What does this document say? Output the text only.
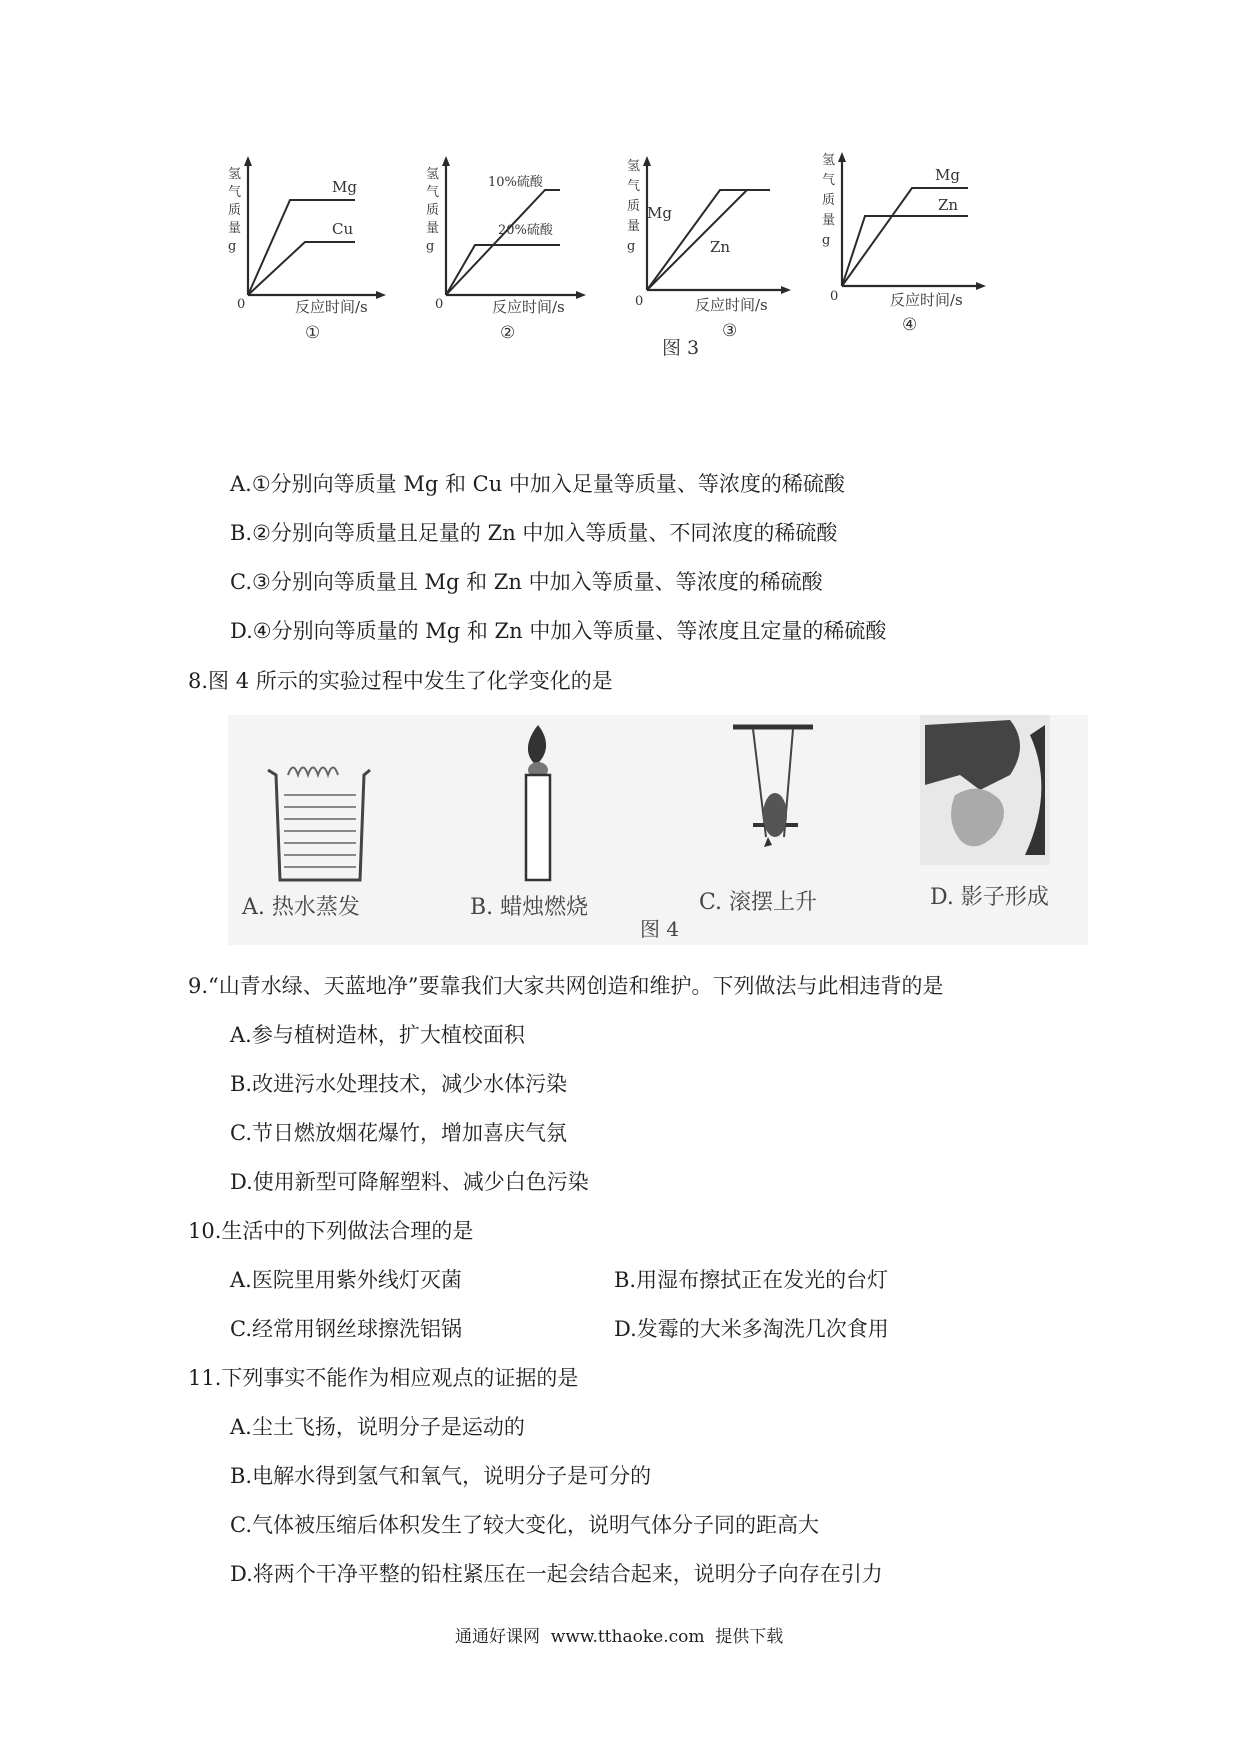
氢
气
质
量
g
0
Mg
Cu
反应时间/s
①
氢
气
质
量
g
0
10%硫酸
20%硫酸
反应时间/s
②
氢
气
质
量
g
0
Mg
Zn
反应时间/s
③
氢
气
质
量
g
0
Mg
Zn
反应时间/s
④
图 3
A.①分别向等质量 Mg 和 Cu 中加入足量等质量、等浓度的稀硫酸
B.②分别向等质量且足量的 Zn 中加入等质量、不同浓度的稀硫酸
C.③分别向等质量且 Mg 和 Zn 中加入等质量、等浓度的稀硫酸
D.④分别向等质量的 Mg 和 Zn 中加入等质量、等浓度且定量的稀硫酸
8.图 4 所示的实验过程中发生了化学变化的是
A. 热水蒸发	B. 蜡烛燃烧	C. 滚摆上升	D. 影子形成
图 4
9.“山青水绿、天蓝地净”要靠我们大家共网创造和维护。下列做法与此相违背的是
A.参与植树造林，扩大植校面积
B.改进污水处理技术，减少水体污染
C.节日燃放烟花爆竹，增加喜庆气氛
D.使用新型可降解塑料、减少白色污染
10.生活中的下列做法合理的是
A.医院里用紫外线灯灭菌	B.用湿布擦拭正在发光的台灯
C.经常用钢丝球擦洗铝锅	D.发霉的大米多淘洗几次食用
11.下列事实不能作为相应观点的证据的是
A.尘土飞扬，说明分子是运动的
B.电解水得到氢气和氧气，说明分子是可分的
C.气体被压缩后体积发生了较大变化，说明气体分子同的距高大
D.将两个干净平整的铅柱紧压在一起会结合起来，说明分子向存在引力
通通好课网  www.tthaoke.com  提供下载
